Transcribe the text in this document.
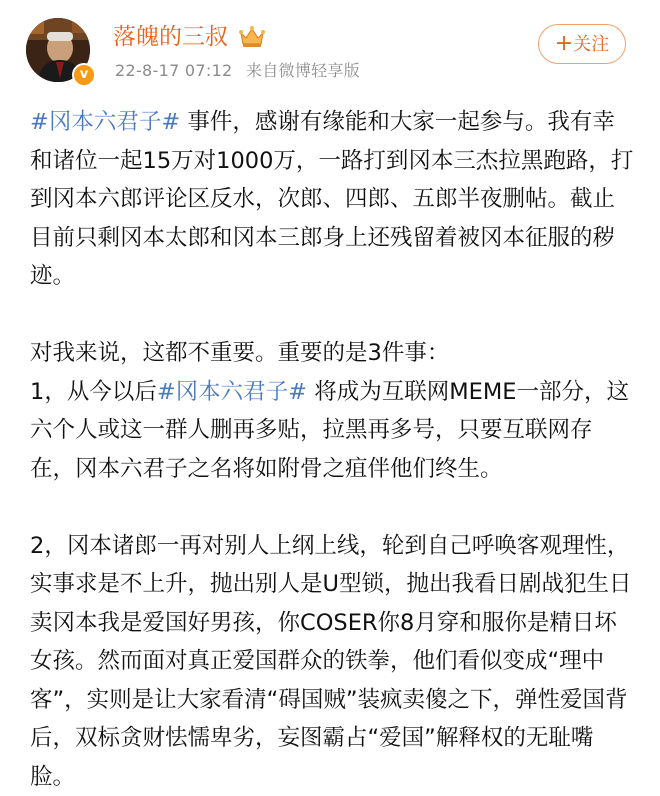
v
落魄的三叔
22-8-17 07:12 来自微博轻享版
+关注

#冈本六君子# 事件，感谢有缘能和大家一起参与。我有幸和诸位一起15万对1000万，一路打到冈本三杰拉黑跑路，打到冈本六郎评论区反水，次郎、四郎、五郎半夜删帖。截止目前只剩冈本太郎和冈本三郎身上还残留着被冈本征服的秽迹。

对我来说，这都不重要。重要的是3件事：

1，从今以后#冈本六君子# 将成为互联网MEME一部分，这六个人或这一群人删再多贴，拉黑再多号，只要互联网存在，冈本六君子之名将如附骨之疽伴他们终生。

2，冈本诸郎一再对别人上纲上线，轮到自己呼唤客观理性，实事求是不上升，抛出别人是U型锁，抛出我看日剧战犯生日卖冈本我是爱国好男孩，你COSER你8月穿和服你是精日坏女孩。然而面对真正爱国群众的铁拳，他们看似变成“理中客”，实则是让大家看清“碍国贼”装疯卖傻之下，弹性爱国背后，双标贪财怯懦卑劣，妄图霸占“爱国”解释权的无耻嘴脸。
